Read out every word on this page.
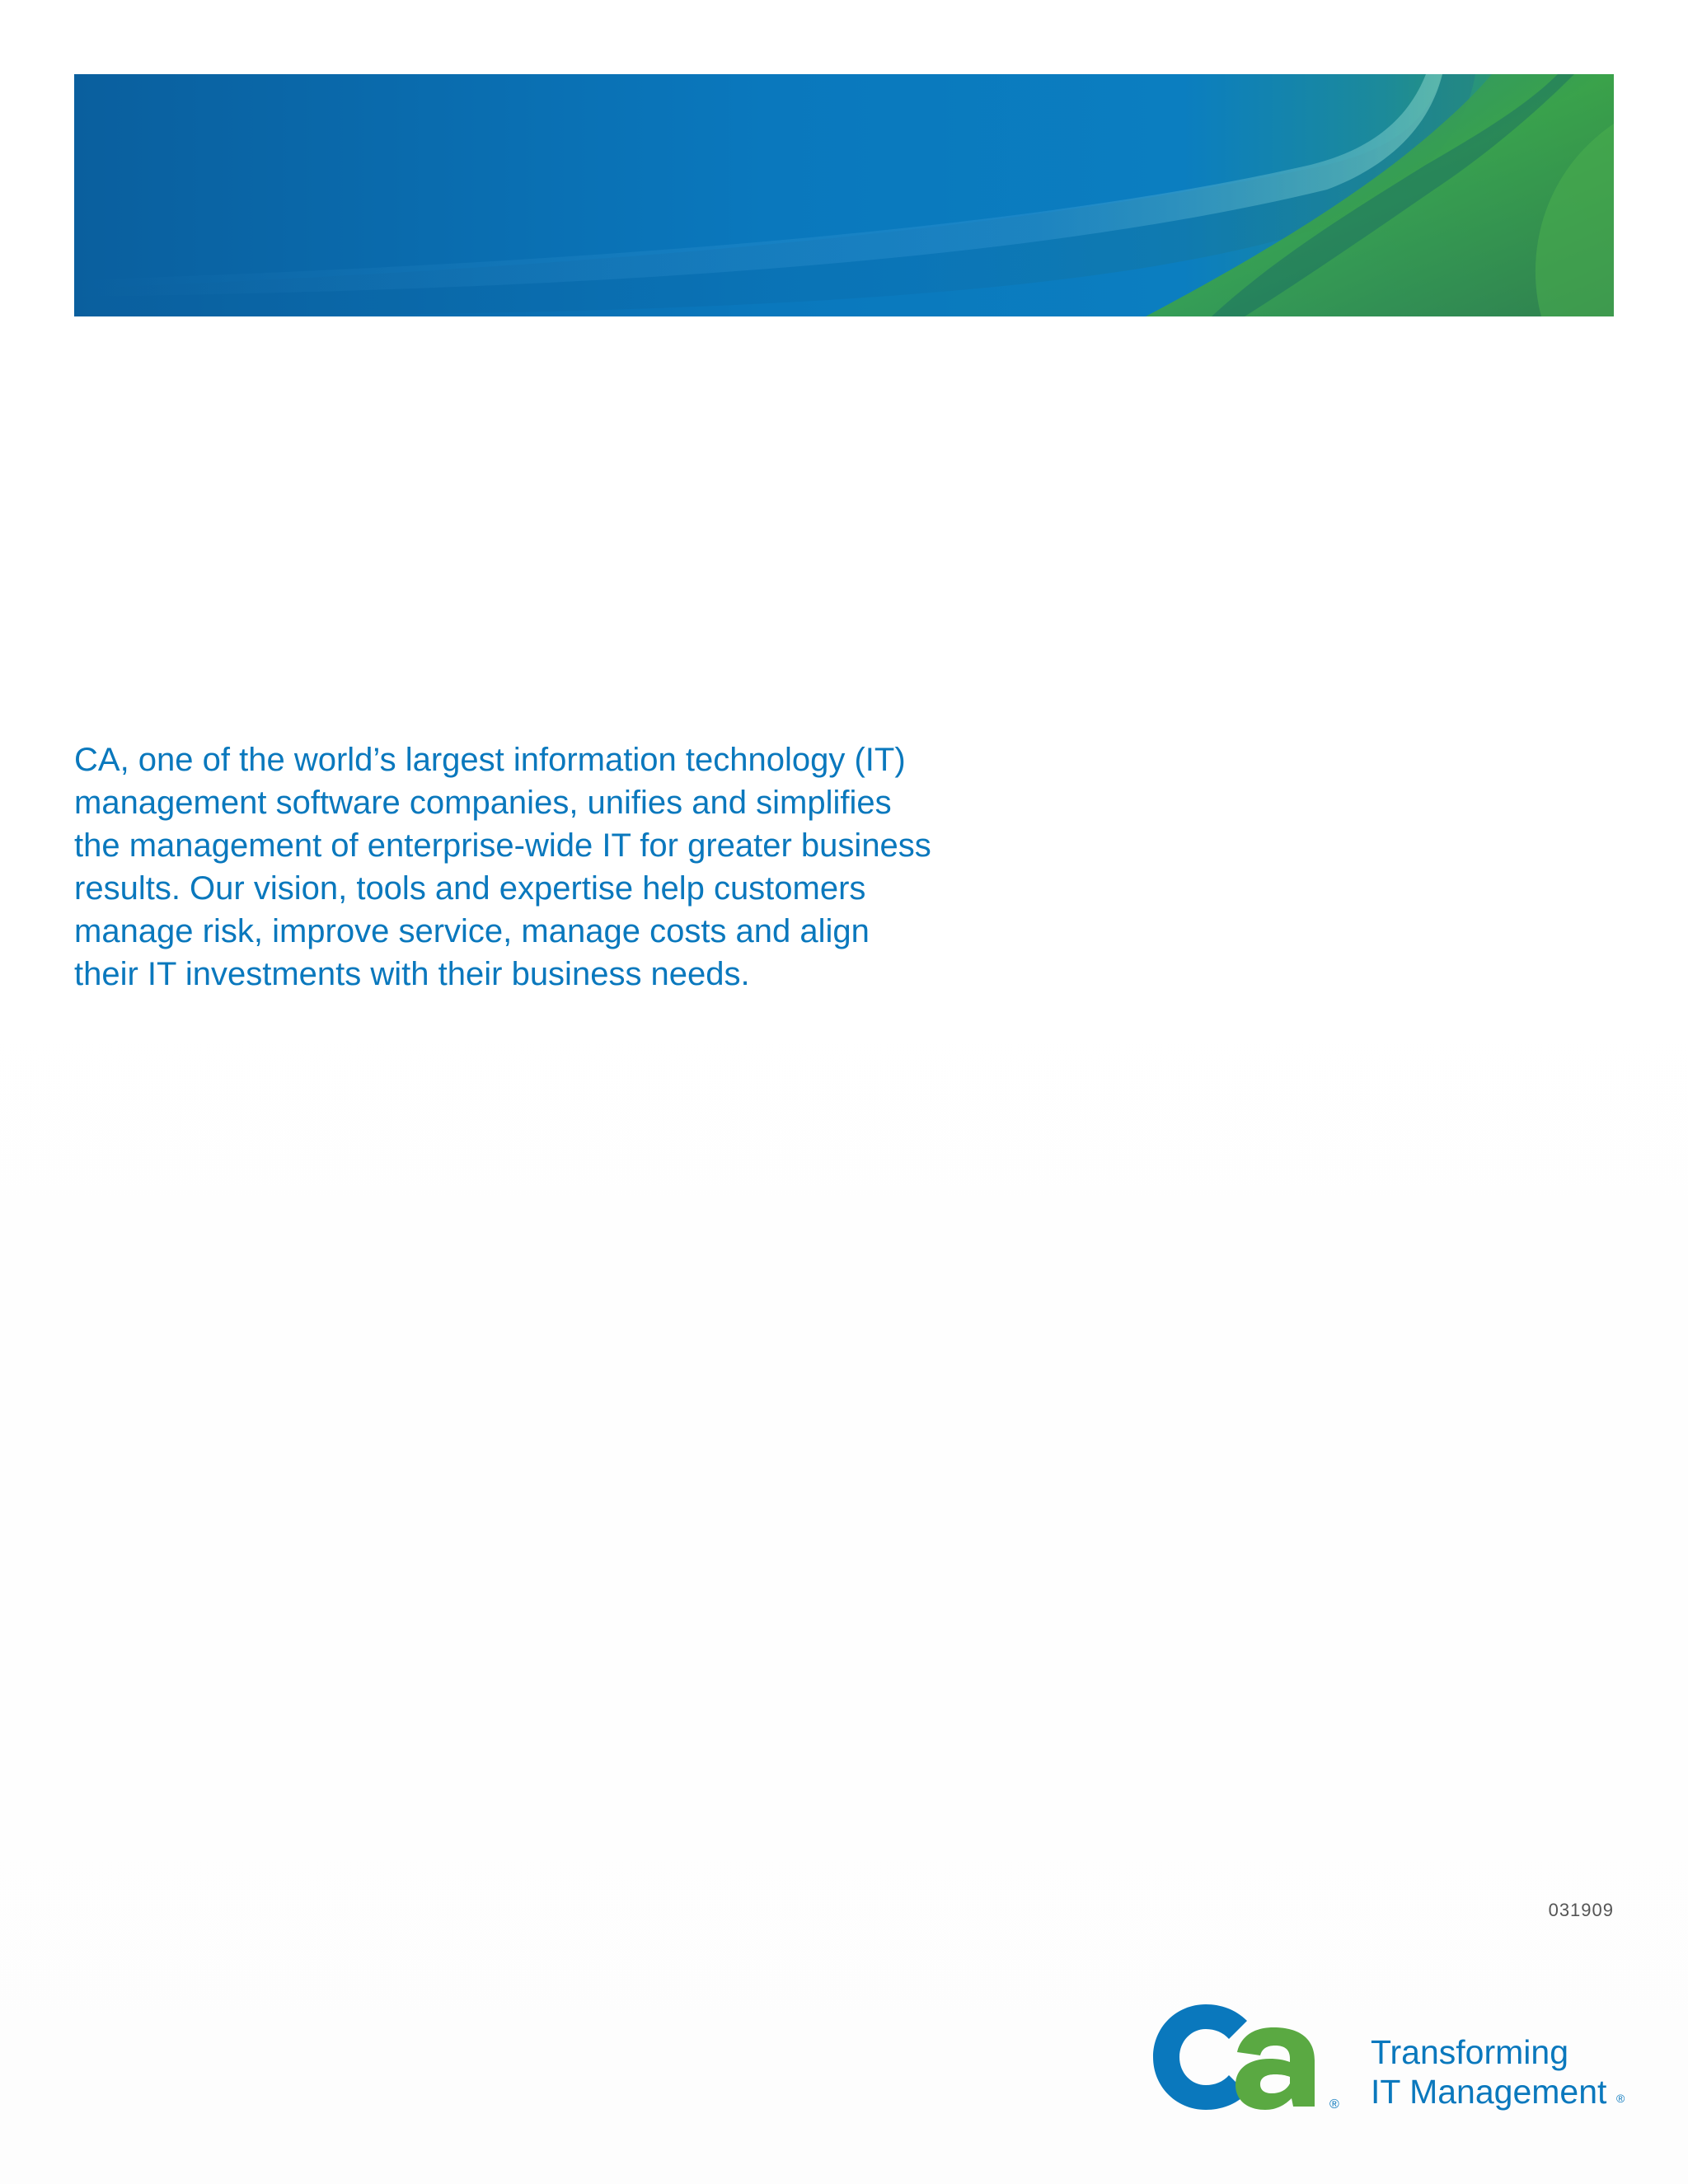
CA, one of the world’s largest information technology (IT)
management software companies, unifies and simplifies
the management of enterprise-wide IT for greater business
results. Our vision, tools and expertise help customers
manage risk, improve service, manage costs and align
their IT investments with their business needs.

031909
®
Transforming
IT Management ®
